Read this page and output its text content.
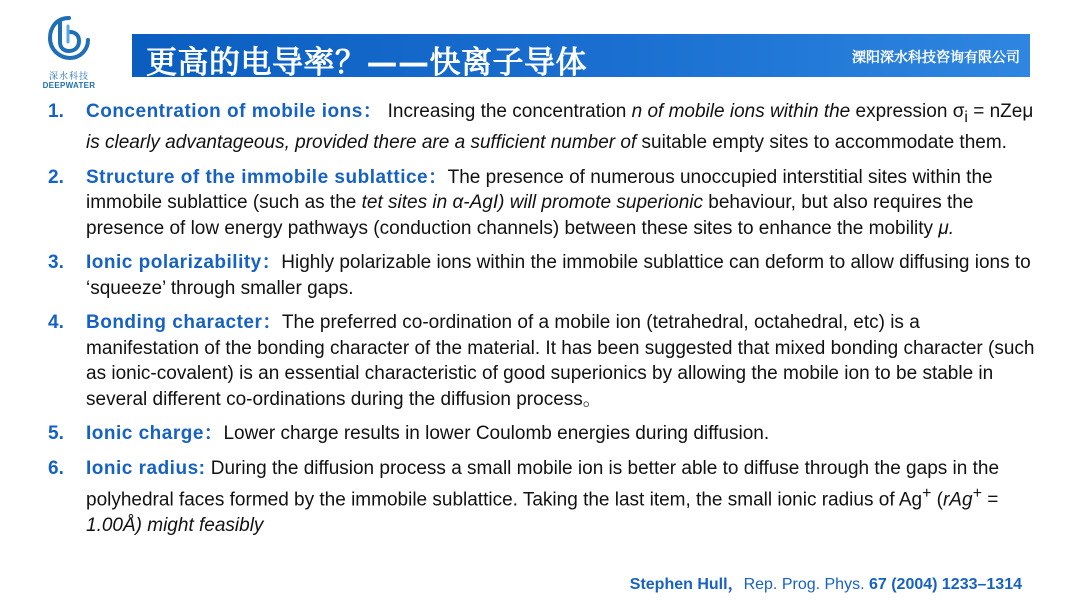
深水科技
DEEPWATER
更高的电导率？——快离子导体	溧阳深水科技咨询有限公司
1. Concentration of mobile ions： Increasing the concentration n of mobile ions within the expression $\sigma_i = nZe\mu$ is clearly advantageous, provided there are a sufficient number of suitable empty sites to accommodate them.
2. Structure of the immobile sublattice：The presence of numerous unoccupied interstitial sites within the immobile sublattice (such as the tet sites in α-AgI) will promote superionic behaviour, but also requires the presence of low energy pathways (conduction channels) between these sites to enhance the mobility μ.
3. Ionic polarizability：Highly polarizable ions within the immobile sublattice can deform to allow diffusing ions to ‘squeeze’ through smaller gaps.
4. Bonding character：The preferred co-ordination of a mobile ion (tetrahedral, octahedral, etc) is a manifestation of the bonding character of the material. It has been suggested that mixed bonding character (such as ionic-covalent) is an essential characteristic of good superionics by allowing the mobile ion to be stable in several different co-ordinations during the diffusion process。
5. Ionic charge：Lower charge results in lower Coulomb energies during diffusion.
6. Ionic radius: During the diffusion process a small mobile ion is better able to diffuse through the gaps in the polyhedral faces formed by the immobile sublattice. Taking the last item, the small ionic radius of Ag+ (rAg+ = 1.00Å) might feasibly
Stephen Hull，Rep. Prog. Phys. 67 (2004) 1233–1314
